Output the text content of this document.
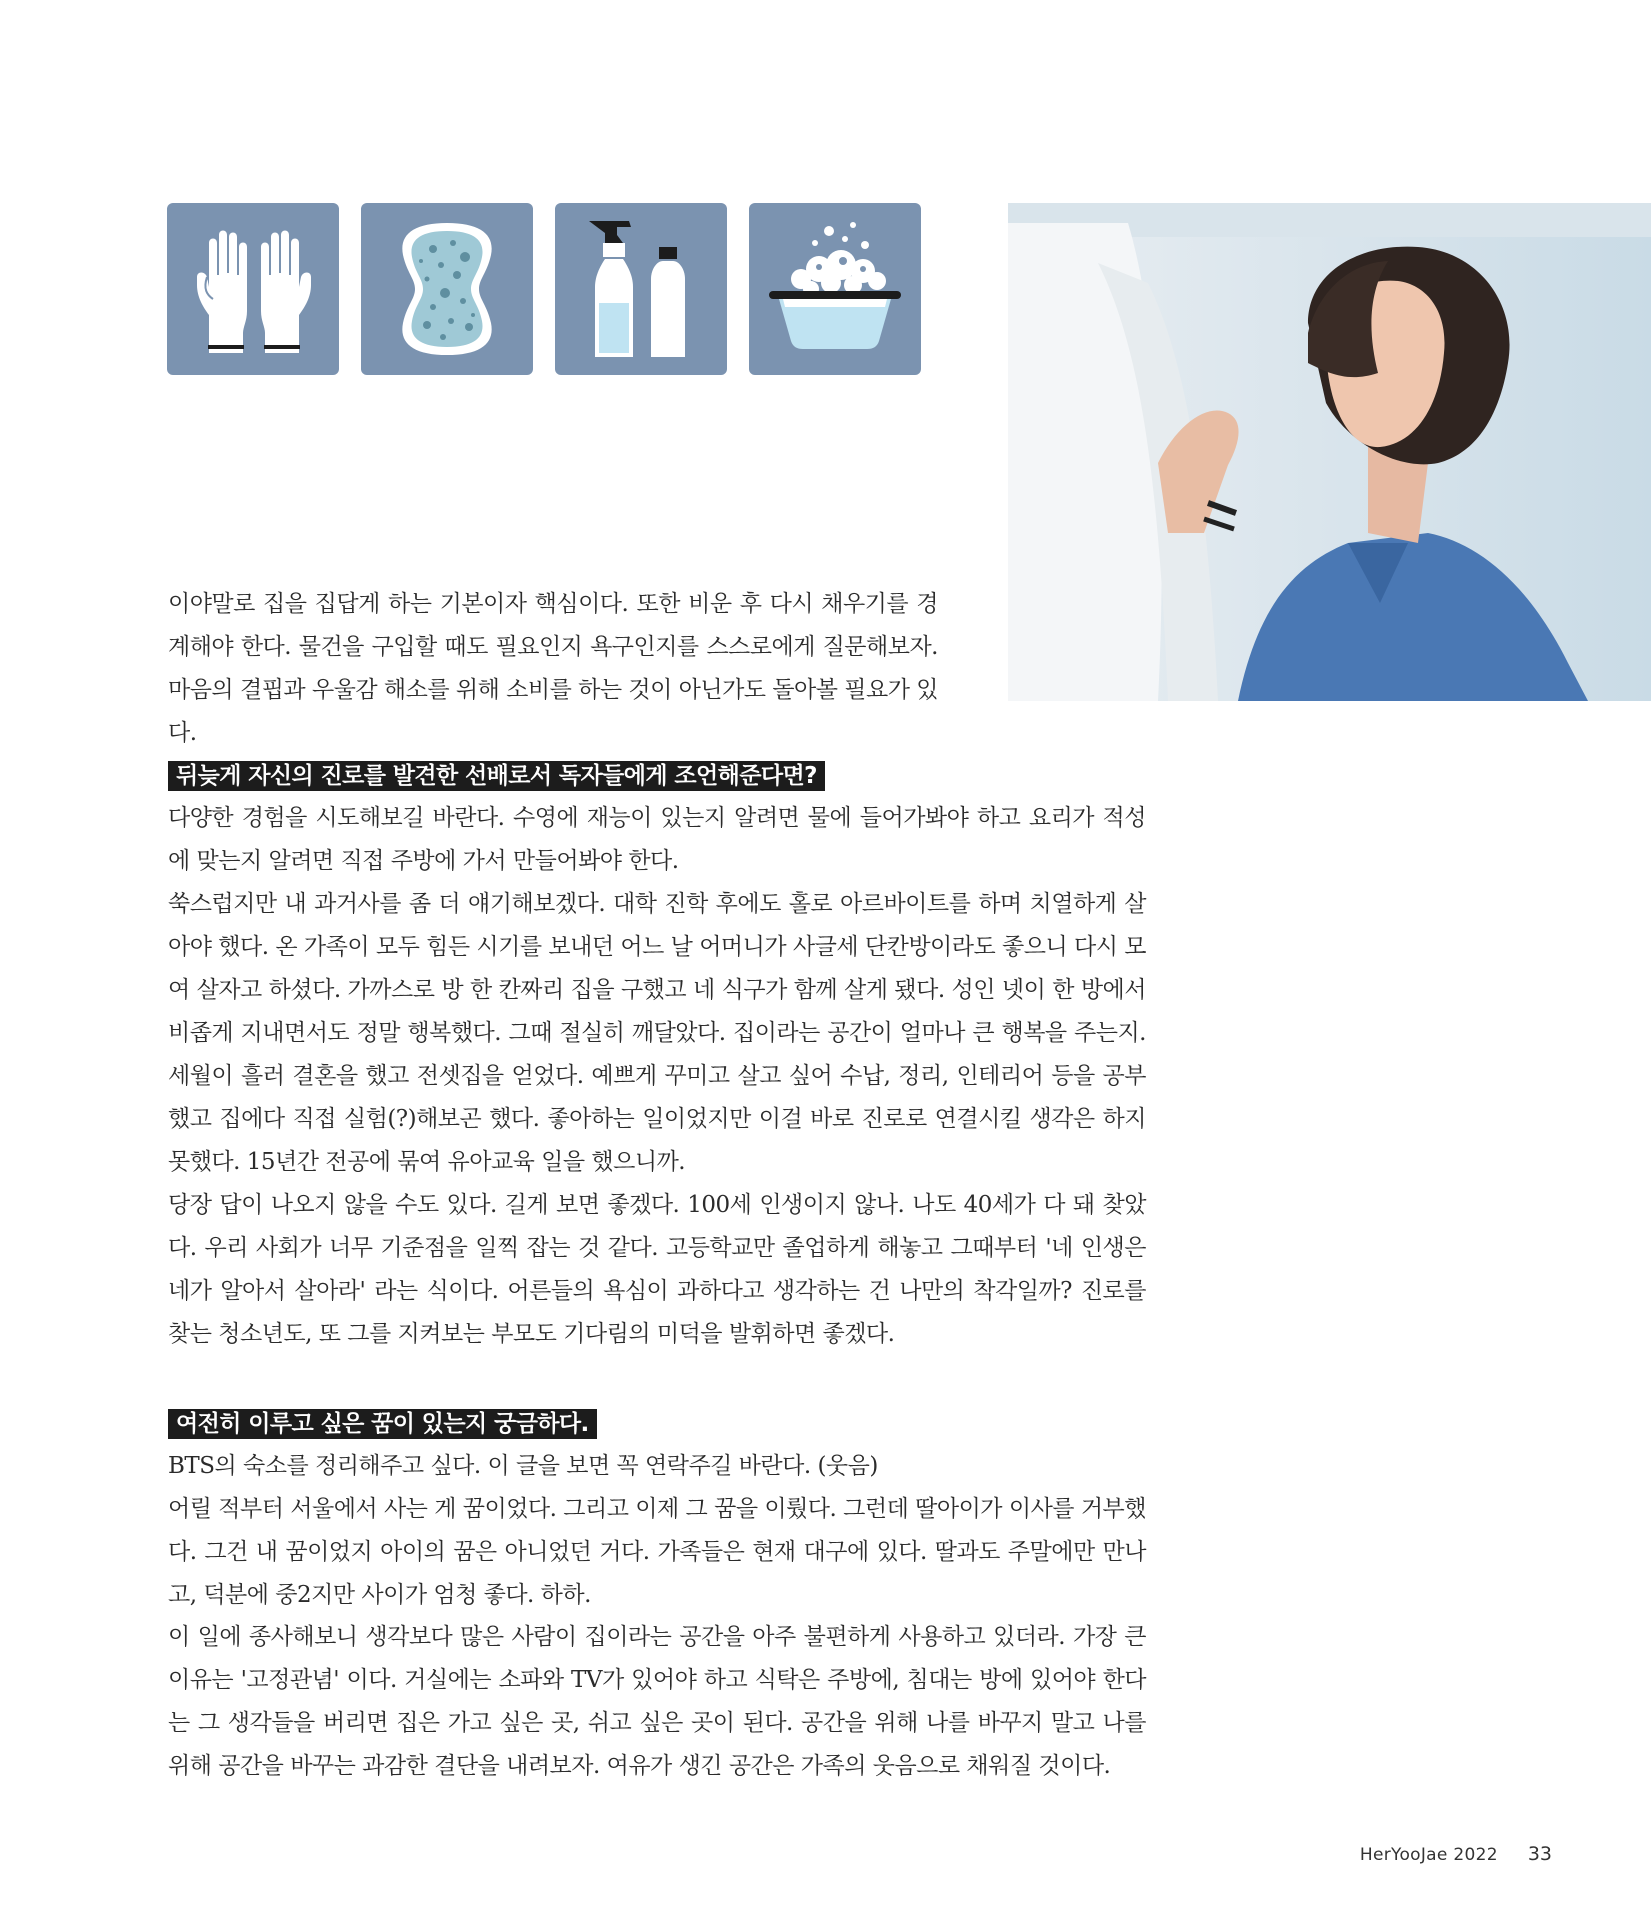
이야말로 집을 집답게 하는 기본이자 핵심이다. 또한 비운 후 다시 채우기를 경계해야 한다. 물건을 구입할 때도 필요인지 욕구인지를 스스로에게 질문해보자. 마음의 결핍과 우울감 해소를 위해 소비를 하는 것이 아닌가도 돌아볼 필요가 있다.

뒤늦게 자신의 진로를 발견한 선배로서 독자들에게 조언해준다면?

다양한 경험을 시도해보길 바란다. 수영에 재능이 있는지 알려면 물에 들어가봐야 하고 요리가 적성에 맞는지 알려면 직접 주방에 가서 만들어봐야 한다.

쑥스럽지만 내 과거사를 좀 더 얘기해보겠다. 대학 진학 후에도 홀로 아르바이트를 하며 치열하게 살아야 했다. 온 가족이 모두 힘든 시기를 보내던 어느 날 어머니가 사글세 단칸방이라도 좋으니 다시 모여 살자고 하셨다. 가까스로 방 한 칸짜리 집을 구했고 네 식구가 함께 살게 됐다. 성인 넷이 한 방에서 비좁게 지내면서도 정말 행복했다. 그때 절실히 깨달았다. 집이라는 공간이 얼마나 큰 행복을 주는지. 세월이 흘러 결혼을 했고 전셋집을 얻었다. 예쁘게 꾸미고 살고 싶어 수납, 정리, 인테리어 등을 공부했고 집에다 직접 실험(?)해보곤 했다. 좋아하는 일이었지만 이걸 바로 진로로 연결시킬 생각은 하지 못했다. 15년간 전공에 묶여 유아교육 일을 했으니까.

당장 답이 나오지 않을 수도 있다. 길게 보면 좋겠다. 100세 인생이지 않나. 나도 40세가 다 돼 찾았다. 우리 사회가 너무 기준점을 일찍 잡는 것 같다. 고등학교만 졸업하게 해놓고 그때부터 '네 인생은 네가 알아서 살아라' 라는 식이다. 어른들의 욕심이 과하다고 생각하는 건 나만의 착각일까? 진로를 찾는 청소년도, 또 그를 지켜보는 부모도 기다림의 미덕을 발휘하면 좋겠다.

여전히 이루고 싶은 꿈이 있는지 궁금하다.

BTS의 숙소를 정리해주고 싶다. 이 글을 보면 꼭 연락주길 바란다. (웃음)

어릴 적부터 서울에서 사는 게 꿈이었다. 그리고 이제 그 꿈을 이뤘다. 그런데 딸아이가 이사를 거부했다. 그건 내 꿈이었지 아이의 꿈은 아니었던 거다. 가족들은 현재 대구에 있다. 딸과도 주말에만 만나고, 덕분에 중2지만 사이가 엄청 좋다. 하하.

이 일에 종사해보니 생각보다 많은 사람이 집이라는 공간을 아주 불편하게 사용하고 있더라. 가장 큰 이유는 '고정관념' 이다. 거실에는 소파와 TV가 있어야 하고 식탁은 주방에, 침대는 방에 있어야 한다는 그 생각들을 버리면 집은 가고 싶은 곳, 쉬고 싶은 곳이 된다. 공간을 위해 나를 바꾸지 말고 나를 위해 공간을 바꾸는 과감한 결단을 내려보자. 여유가 생긴 공간은 가족의 웃음으로 채워질 것이다.

HerYooJae 2022 33
